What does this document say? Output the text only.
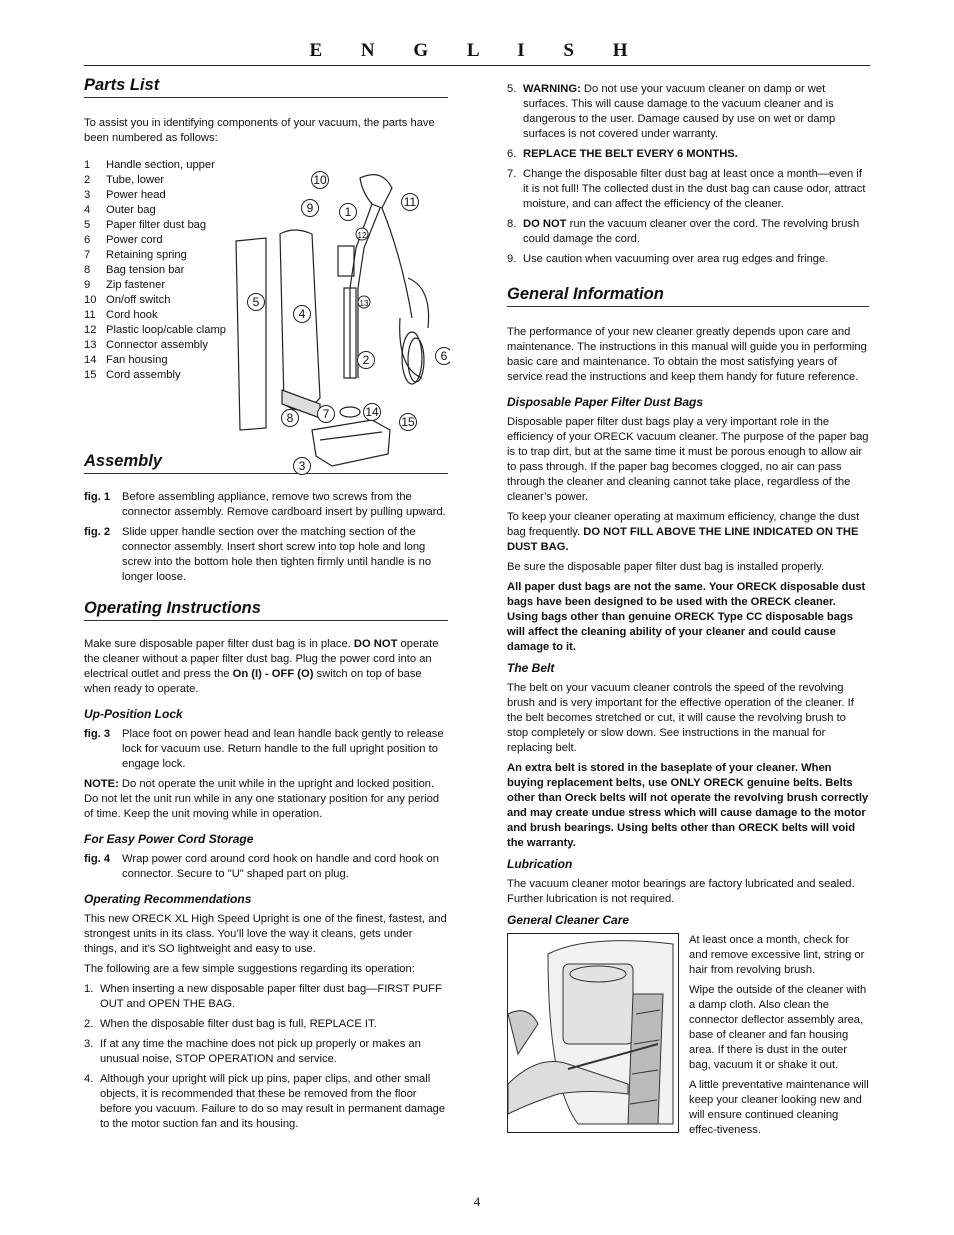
E N G L I S H
Parts List

To assist you in identifying components of your vacuum, the parts have been numbered as follows:

1	Handle section, upper
2	Tube, lower
3	Power head
4	Outer bag
5	Paper filter dust bag
6	Power cord
7	Retaining spring
8	Bag tension bar
9	Zip fastener
10 On/off switch
11 Cord hook
12 Plastic loop/cable clamp
13 Connector assembly
14 Fan housing
15 Cord assembly
Assembly
fig. 1	Before assembling appliance, remove two screws from the connector assembly. Remove cardboard insert by pulling upward.
fig. 2	Slide upper handle section over the matching section of the connector assembly. Insert short screw into top hole and long screw into the bottom hole then tighten firmly until handle is no longer loose.
Operating Instructions

Make sure disposable paper filter dust bag is in place. DO NOT operate the cleaner without a paper filter dust bag. Plug the power cord into an electrical outlet and press the On (I) - OFF (O) switch on top of base when ready to operate.

Up-Position Lock
fig. 3	Place foot on power head and lean handle back gently to release lock for vacuum use. Return handle to the full upright position to engage lock.

NOTE: Do not operate the unit while in the upright and locked position. Do not let the unit run while in any one stationary position for any period of time. Keep the unit moving while in operation.

For Easy Power Cord Storage
fig. 4	Wrap power cord around cord hook on handle and cord hook on connector. Secure to "U" shaped part on plug.
Operating Recommendations

This new ORECK XL High Speed Upright is one of the finest, fastest, and strongest units in its class. You’ll love the way it cleans, gets under things, and it’s SO lightweight and easy to use.

The following are a few simple suggestions regarding its operation:

1. When inserting a new disposable paper filter dust bag—FIRST PUFF OUT and OPEN THE BAG.
2. When the disposable filter dust bag is full, REPLACE IT.
3. If at any time the machine does not pick up properly or makes an unusual noise, STOP OPERATION and service.
4. Although your upright will pick up pins, paper clips, and other small objects, it is recommended that these be removed from the floor before you vacuum. Failure to do so may result in permanent damage to the motor suction fan and its housing.
1
2
3
4
5
6
7
8
9
10
11
12
13
14
15
5. WARNING: Do not use your vacuum cleaner on damp or wet surfaces. This will cause damage to the vacuum cleaner and is dangerous to the user. Damage caused by use on wet or damp surfaces is not covered under warranty.
6. REPLACE THE BELT EVERY 6 MONTHS.
7. Change the disposable filter dust bag at least once a month—even if it is not full! The collected dust in the dust bag can cause odor, attract moisture, and can affect the efficiency of the cleaner.
8. DO NOT run the vacuum cleaner over the cord. The revolving brush could damage the cord.
9. Use caution when vacuuming over area rug edges and fringe.
General Information

The performance of your new cleaner greatly depends upon care and maintenance. The instructions in this manual will guide you in performing basic care and maintenance. To obtain the most satisfying years of service read the instructions and keep them handy for future reference.

Disposable Paper Filter Dust Bags

Disposable paper filter dust bags play a very important role in the efficiency of your ORECK vacuum cleaner. The purpose of the paper bag is to trap dirt, but at the same time it must be porous enough to allow air to pass through. If the paper bag becomes clogged, no air can pass through the cleaner and cleaning cannot take place, regardless of the cleaner’s power.

To keep your cleaner operating at maximum efficiency, change the dust bag frequently. DO NOT FILL ABOVE THE LINE INDICATED ON THE DUST BAG.

Be sure the disposable paper filter dust bag is installed properly.

All paper dust bags are not the same. Your ORECK disposable dust bags have been designed to be used with the ORECK cleaner. Using bags other than genuine ORECK Type CC disposable bags will affect the cleaning ability of your cleaner and could cause damage to it.

The Belt

The belt on your vacuum cleaner controls the speed of the revolving brush and is very important for the effective operation of the cleaner. If the belt becomes stretched or cut, it will cause the revolving brush to stop completely or slow down. See instructions in the manual for replacing belt.

An extra belt is stored in the baseplate of your cleaner. When buying replacement belts, use ONLY ORECK genuine belts. Belts other than Oreck belts will not operate the revolving brush correctly and may create undue stress which will cause damage to the motor and brush bearings. Using belts other than ORECK belts will void the warranty.

Lubrication

The vacuum cleaner motor bearings are factory lubricated and sealed. Further lubrication is not required.

General Cleaner Care

At least once a month, check for and remove excessive lint, string or hair from revolving brush.

Wipe the outside of the cleaner with a damp cloth. Also clean the connector deflector assembly area, base of cleaner and fan housing area. If there is dust in the outer bag, vacuum it or shake it out.

A little preventative maintenance will keep your cleaner looking new and will ensure continued cleaning effec-tiveness.

4
